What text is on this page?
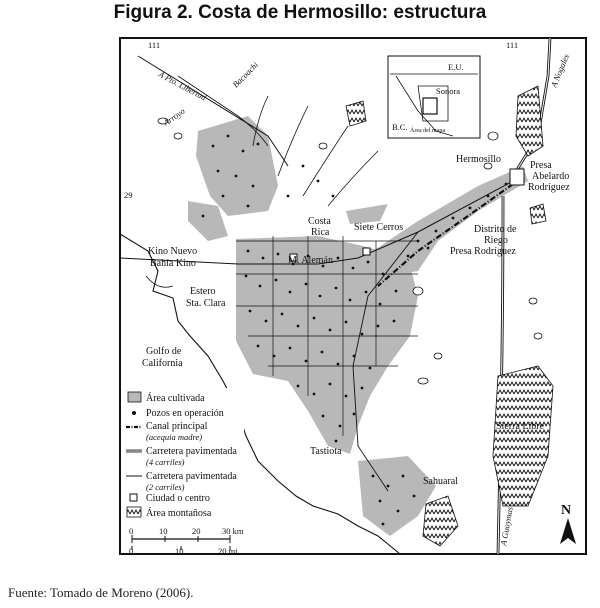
Figura 2. Costa de Hermosillo: estructura
E.U.
Sonora
B.C. Área del mapa
111	111
29
A Pto. Libertad
Arroyo
Bacoachi	A Nogales
Hermosillo
Presa
Abelardo
Rodríguez
Costa
Rica Siete Cerros	Distrito de
Riego
Presa Rodríguez
Kino Nuevo
Bahía Kino	M. Alemán
Estero
Sta. Clara
Golfo de
California
Sierra Libre
Tastiota
Sahuaral
A Guaymas
Área cultivada
Pozos en operación
Canal principal
(acequia madre)
Carretera pavimentada
(4 carriles)
Carretera pavimentada
(2 carriles)
Ciudad o centro
Área montañosa
0	10	20	30 km
0	10	20 mi
N
Fuente: Tomado de Moreno (2006).
